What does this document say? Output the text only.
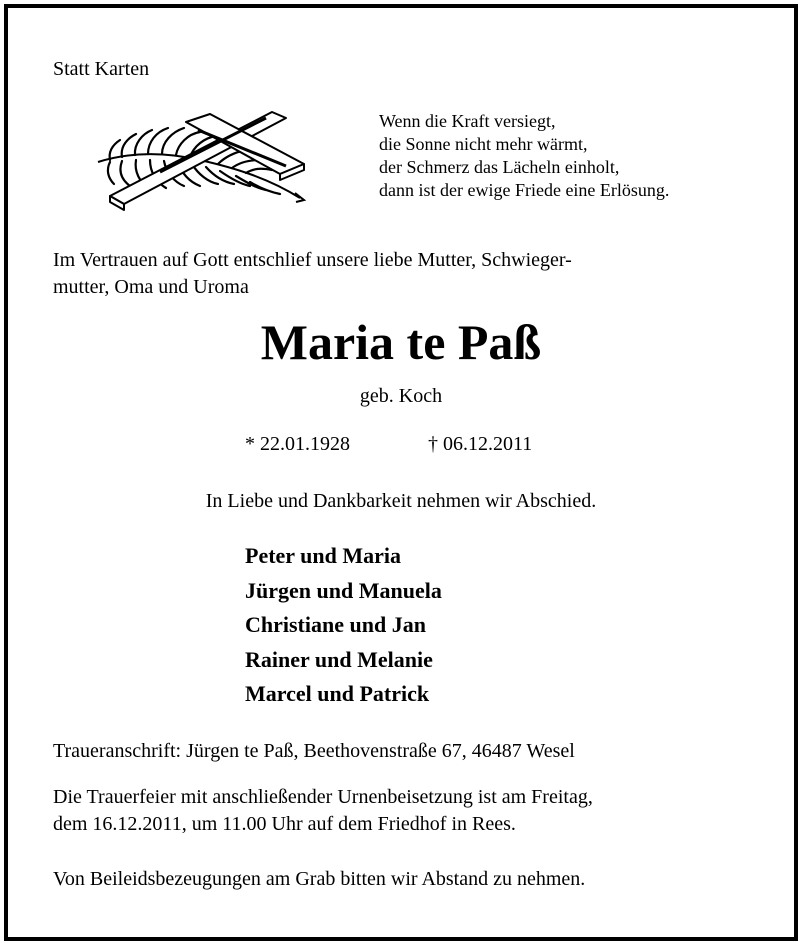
Statt Karten
Wenn die Kraft versiegt,
die Sonne nicht mehr wärmt,
der Schmerz das Lächeln einholt,
dann ist der ewige Friede eine Erlösung.
Im Vertrauen auf Gott entschlief unsere liebe Mutter, Schwieger-
mutter, Oma und Uroma
Maria te Paß
geb. Koch
* 22.01.1928	† 06.12.2011
In Liebe und Dankbarkeit nehmen wir Abschied.
Peter und Maria
Jürgen und Manuela
Christiane und Jan
Rainer und Melanie
Marcel und Patrick
Traueranschrift: Jürgen te Paß, Beethovenstraße 67, 46487 Wesel
Die Trauerfeier mit anschließender Urnenbeisetzung ist am Freitag,
dem 16.12.2011, um 11.00 Uhr auf dem Friedhof in Rees.
Von Beileidsbezeugungen am Grab bitten wir Abstand zu nehmen.
